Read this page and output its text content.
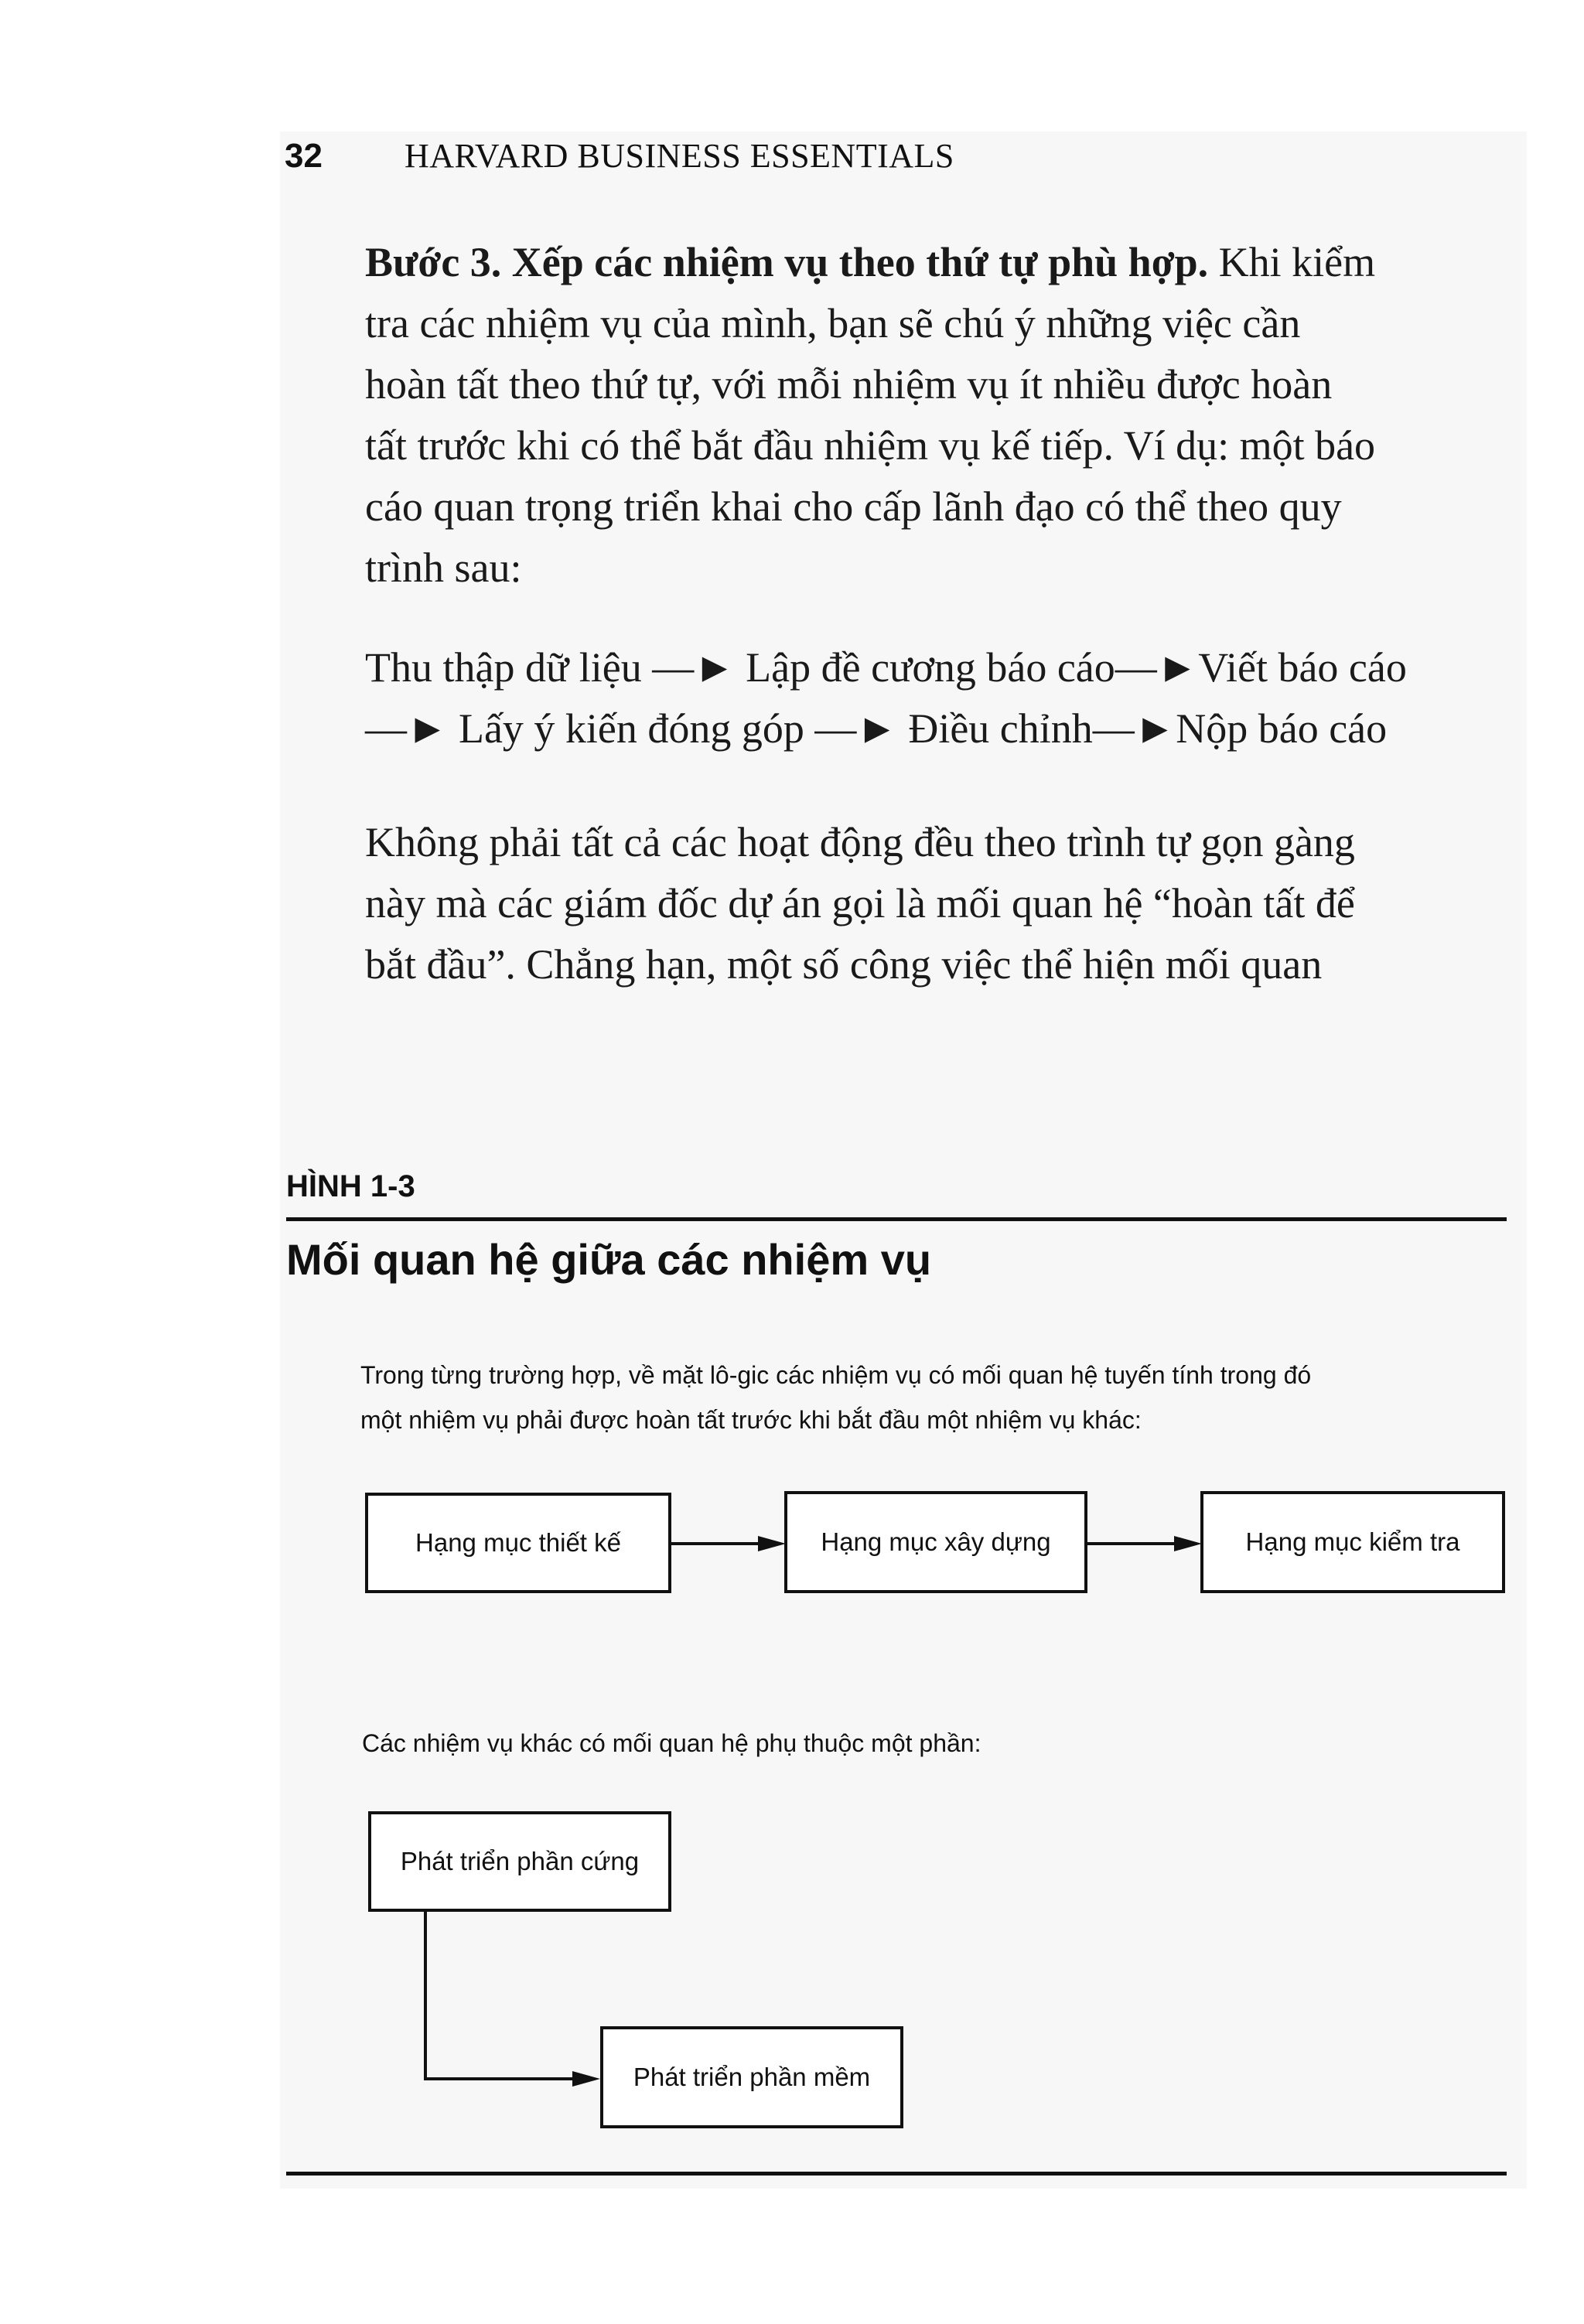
32 HARVARD BUSINESS ESSENTIALS
Bước 3. Xếp các nhiệm vụ theo thứ tự phù hợp. Khi kiểm
tra các nhiệm vụ của mình, bạn sẽ chú ý những việc cần
hoàn tất theo thứ tự, với mỗi nhiệm vụ ít nhiều được hoàn
tất trước khi có thể bắt đầu nhiệm vụ kế tiếp. Ví dụ: một báo
cáo quan trọng triển khai cho cấp lãnh đạo có thể theo quy
trình sau:
Thu thập dữ liệu —► Lập đề cương báo cáo—►Viết báo cáo
—► Lấy ý kiến đóng góp —► Điều chỉnh—►Nộp báo cáo
Không phải tất cả các hoạt động đều theo trình tự gọn gàng
này mà các giám đốc dự án gọi là mối quan hệ “hoàn tất để
bắt đầu”. Chẳng hạn, một số công việc thể hiện mối quan
HÌNH 1-3
Mối quan hệ giữa các nhiệm vụ
Trong từng trường hợp, về mặt lô-gic các nhiệm vụ có mối quan hệ tuyến tính trong đó
một nhiệm vụ phải được hoàn tất trước khi bắt đầu một nhiệm vụ khác:
Hạng mục thiết kế	Hạng mục xây dựng	Hạng mục kiểm tra
Các nhiệm vụ khác có mối quan hệ phụ thuộc một phần:
Phát triển phần cứng
Phát triển phần mềm
